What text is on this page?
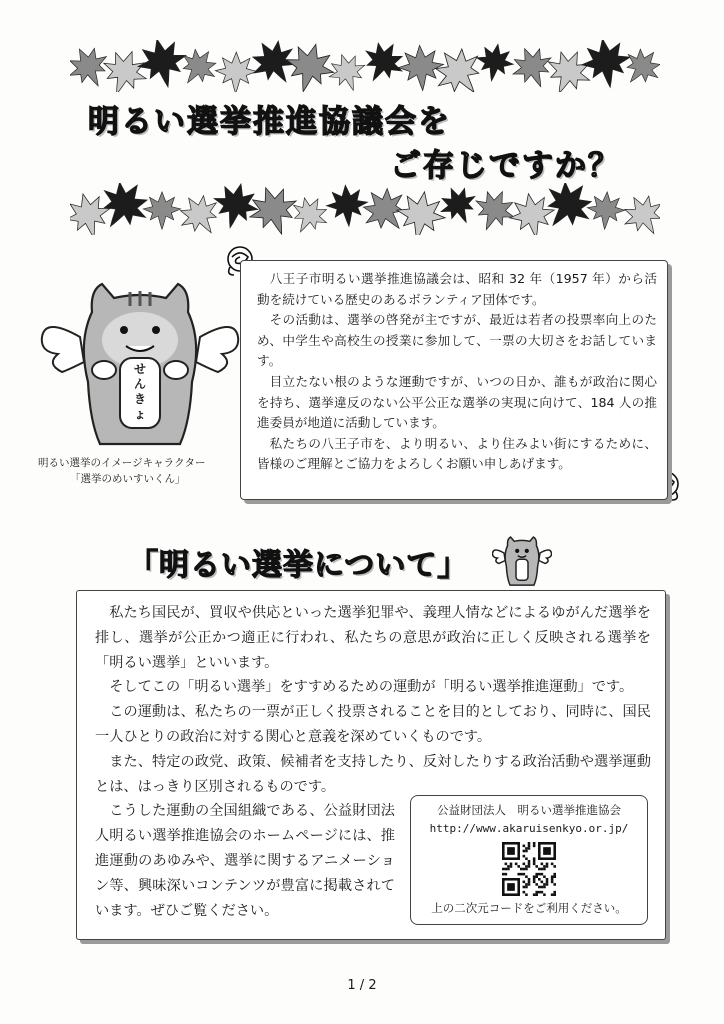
明るい選挙推進協議会を
ご存じですか？
せんきょ
明るい選挙のイメージキャラクター
「選挙のめいすいくん」

八王子市明るい選挙推進協議会は、昭和 32 年（1957 年）から活動を続けている歴史のあるボランティア団体です。

その活動は、選挙の啓発が主ですが、最近は若者の投票率向上のため、中学生や高校生の授業に参加して、一票の大切さをお話しています。

目立たない根のような運動ですが、いつの日か、誰もが政治に関心を持ち、選挙違反のない公平公正な選挙の実現に向けて、184 人の推進委員が地道に活動しています。

私たちの八王子市を、より明るい、より住みよい街にするために、皆様のご理解とご協力をよろしくお願い申しあげます。

「明るい選挙について」

私たち国民が、買収や供応といった選挙犯罪や、義理人情などによるゆがんだ選挙を排し、選挙が公正かつ適正に行われ、私たちの意思が政治に正しく反映される選挙を「明るい選挙」といいます。

そしてこの「明るい選挙」をすすめるための運動が「明るい選挙推進運動」です。

この運動は、私たちの一票が正しく投票されることを目的としており、同時に、国民一人ひとりの政治に対する関心と意義を深めていくものです。

また、特定の政党、政策、候補者を支持したり、反対したりする政治活動や選挙運動とは、はっきり区別されるものです。

こうした運動の全国組織である、公益財団法人明るい選挙推進協会のホームページには、推進運動のあゆみや、選挙に関するアニメーション等、興味深いコンテンツが豊富に掲載されています。ぜひご覧ください。

公益財団法人　明るい選挙推進協会
http://www.akaruisenkyo.or.jp/
上の二次元コードをご利用ください。
1 / 2
